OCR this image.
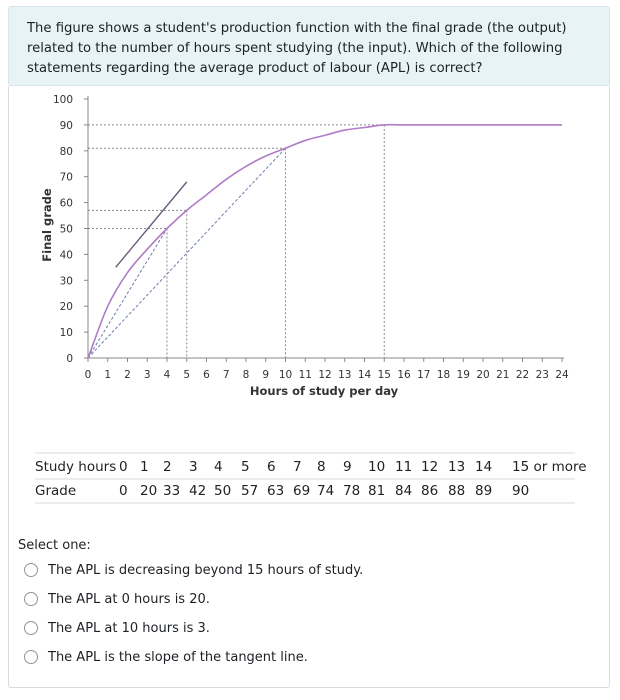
The figure shows a student's production function with the final grade (the output) related to the number of hours spent studying (the input). Which of the following statements regarding the average product of labour (APL) is correct?
0
10
20
30
40
50
60
70
80
90
100
0 1 2 3 4 5 6 7 8 9 10 11 12 13 14 15 16 17 18 19 20 21 22 23 24
Hours of study per day
Final grade
Study hours
Grade
0 1 2 3 4 5 6 7 8 9 10 11 12 13 14 15 or more
0 20 33 42 50 57 63 69 74 78 81 84 86 88 89 90
Select one:
The APL is decreasing beyond 15 hours of study.
The APL at 0 hours is 20.
The APL at 10 hours is 3.
The APL is the slope of the tangent line.
